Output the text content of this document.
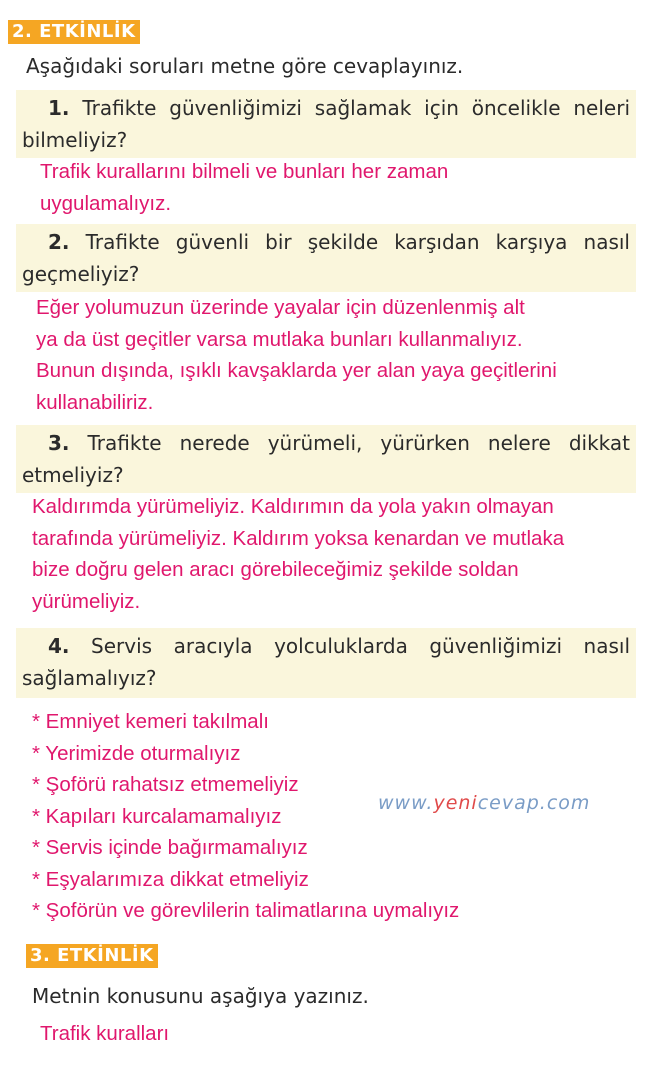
2. ETKİNLİK
Aşağıdaki soruları metne göre cevaplayınız.
1. Trafikte güvenliğimizi sağlamak için öncelikle neleri bilmeliyiz?
Trafik kurallarını bilmeli ve bunları her zaman
uygulamalıyız.
2. Trafikte güvenli bir şekilde karşıdan karşıya nasıl geçmeliyiz?
Eğer yolumuzun üzerinde yayalar için düzenlenmiş alt
ya da üst geçitler varsa mutlaka bunları kullanmalıyız.
Bunun dışında, ışıklı kavşaklarda yer alan yaya geçitlerini
kullanabiliriz.
3. Trafikte nerede yürümeli, yürürken nelere dikkat etmeliyiz?
Kaldırımda yürümeliyiz. Kaldırımın da yola yakın olmayan
tarafında yürümeliyiz. Kaldırım yoksa kenardan ve mutlaka
bize doğru gelen aracı görebileceğimiz şekilde soldan
yürümeliyiz.
4. Servis aracıyla yolculuklarda güvenliğimizi nasıl sağlamalıyız?
* Emniyet kemeri takılmalı
* Yerimizde oturmalıyız
* Şoförü rahatsız etmemeliyiz
* Kapıları kurcalamamalıyız
* Servis içinde bağırmamalıyız
* Eşyalarımıza dikkat etmeliyiz
* Şoförün ve görevlilerin talimatlarına uymalıyız
www.yenicevap.com
3. ETKİNLİK
Metnin konusunu aşağıya yazınız.
Trafik kuralları
